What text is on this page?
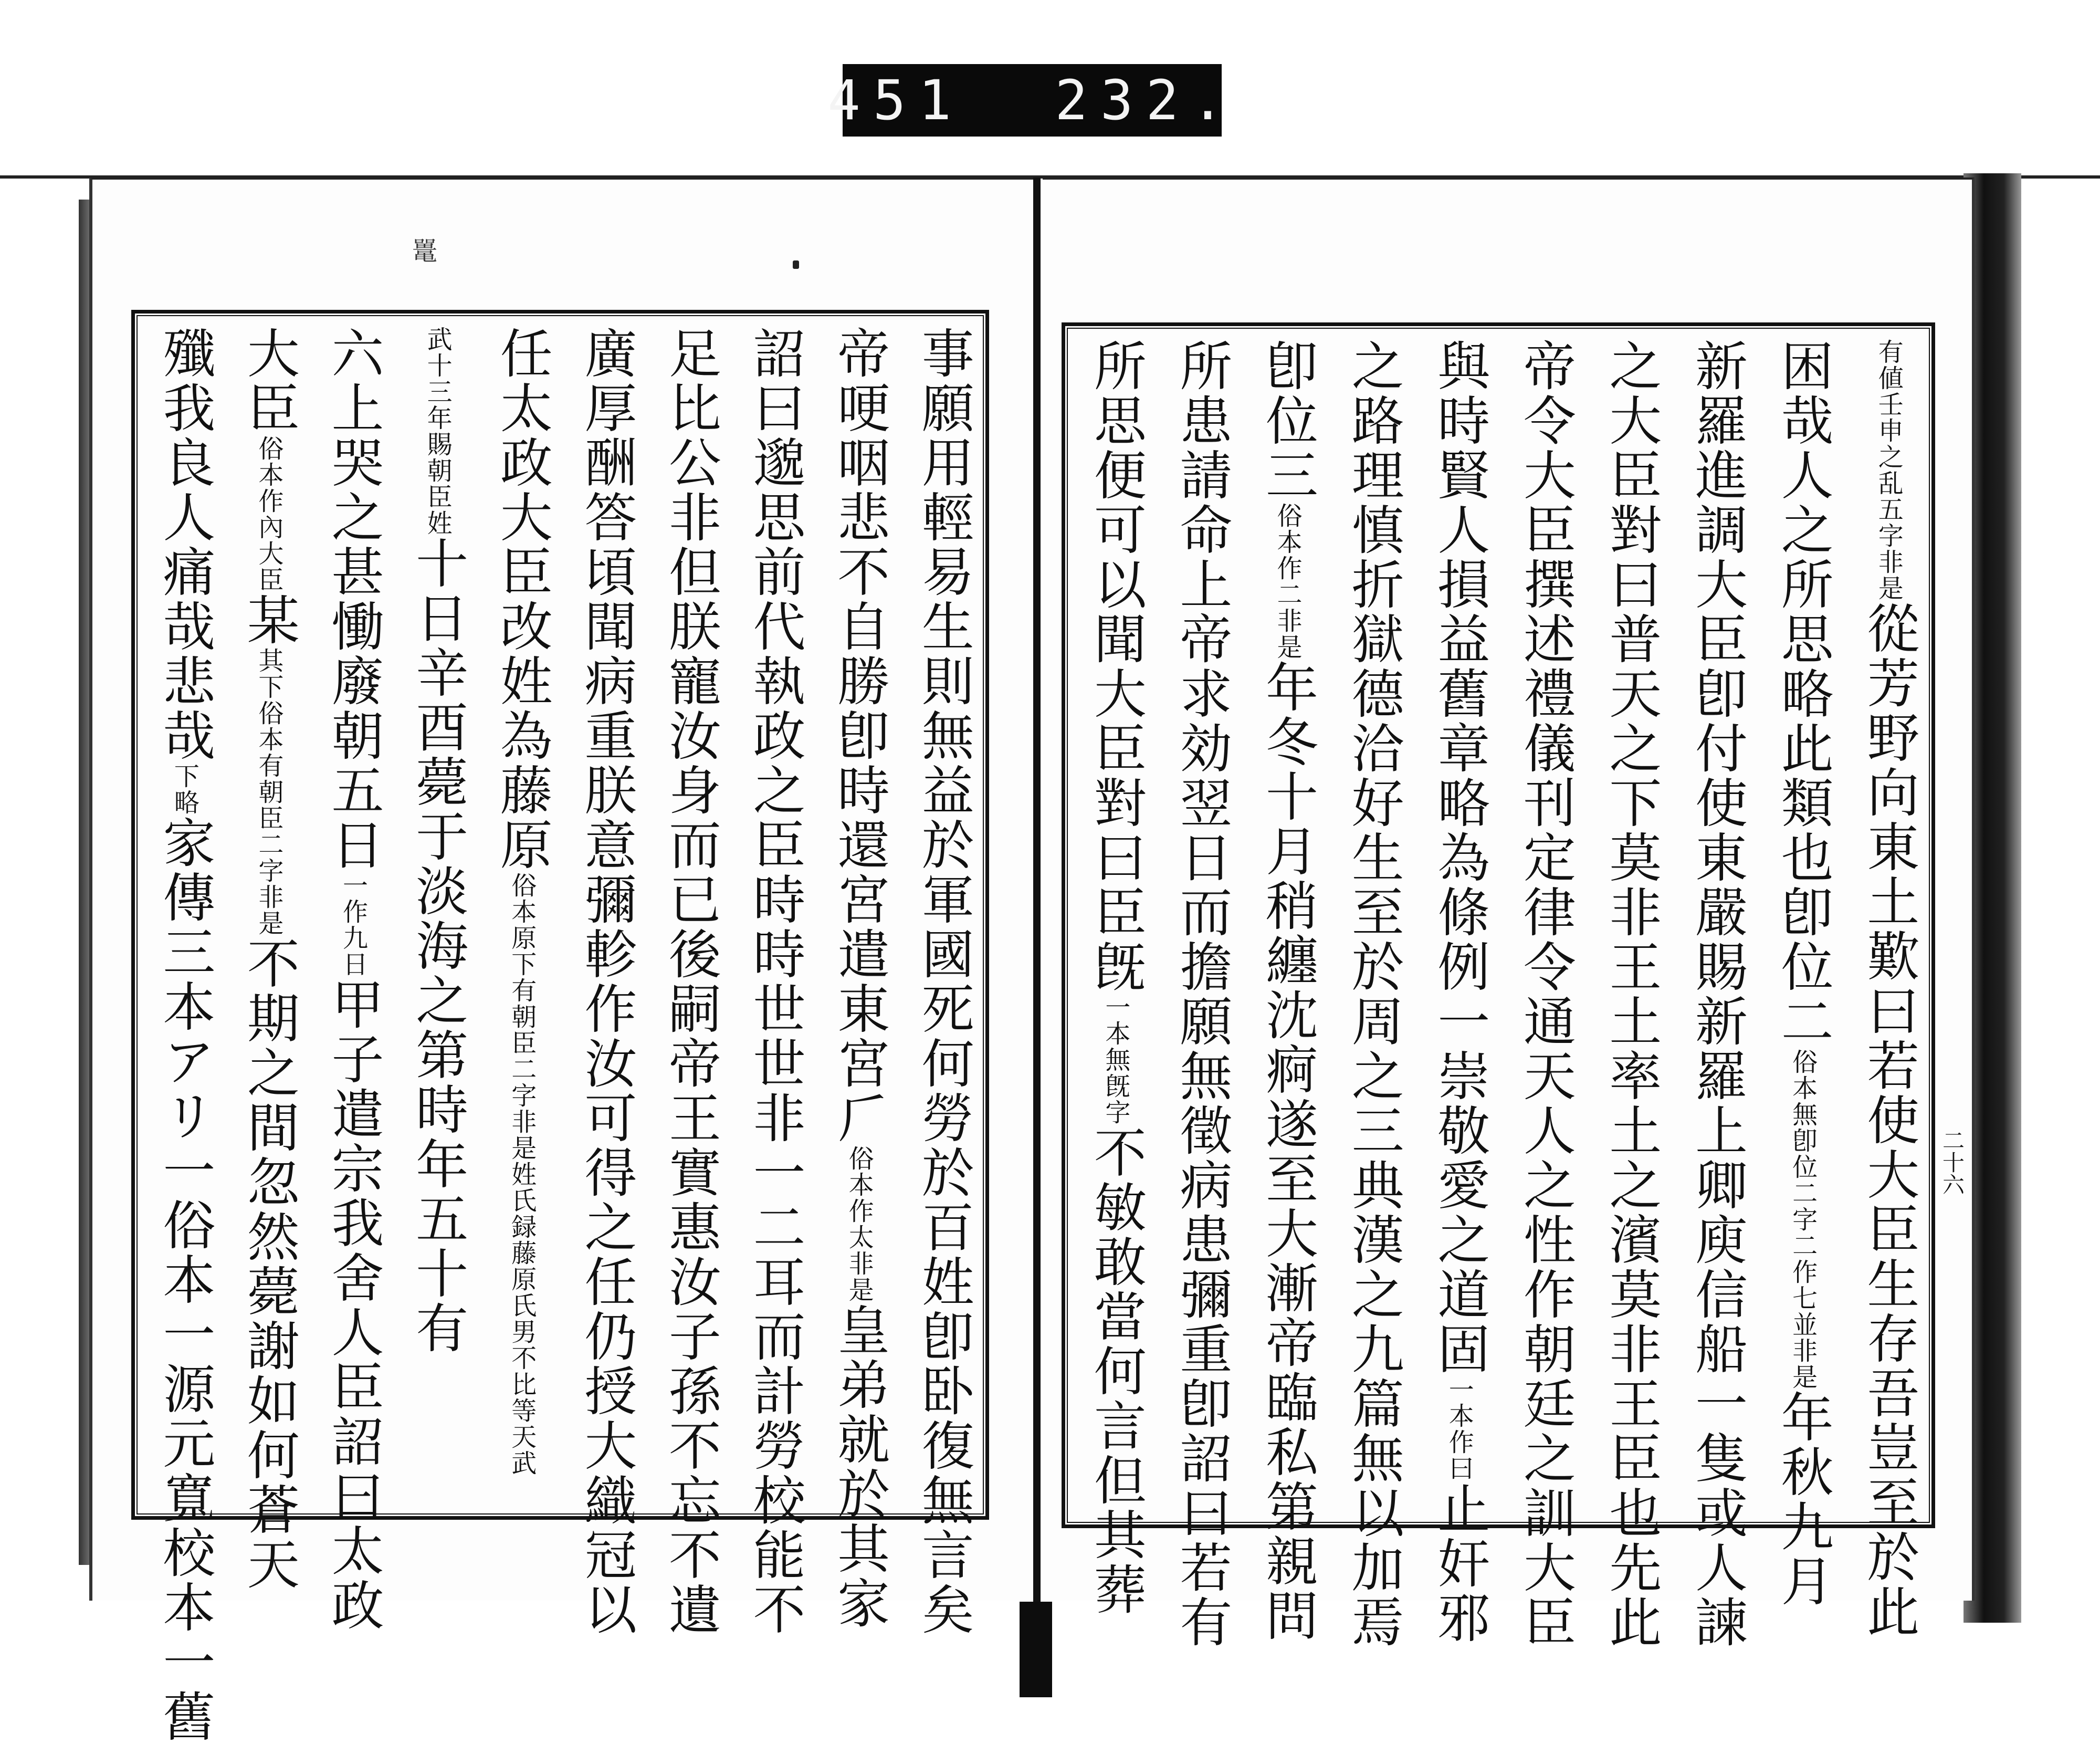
451  232.
鼍
事願用輕易生則無益於軍國死何勞於百姓卽卧復無言矣
帝哽咽悲不自勝卽時還宮遣東宮𠂆俗本作太非是皇弟就於其家
詔曰邈思前代執政之臣時時世世非一二耳而計勞校能不
足比公非但朕寵汝身而已後嗣帝王實惠汝子孫不忘不遺
廣厚酬答頃聞病重朕意彌軫作汝可得之任仍授大織冠以
任太政大臣改姓為藤原俗本原下有朝臣二字非是姓氏録藤原氏男不比等天武
武十三年賜朝臣姓十日辛酉薨于淡海之第時年五十有
六上哭之甚慟廢朝五日一作九日甲子遣宗我舍人臣詔曰太政
大臣俗本作內大臣某其下俗本有朝臣二字非是不期之間忽然薨謝如何蒼天
殲我良人痛哉悲哉下略家傳三本アリ一俗本一源元寬校本一舊
有値壬申之乱五字非是從芳野向東土歎曰若使大臣生存吾豈至於此
困哉人之所思略此類也卽位二俗本無卽位二字二作七並非是年秋九月
新羅進調大臣卽付使東嚴賜新羅上卿庾信船一隻或人諫
之大臣對曰普天之下莫非王土率土之濱莫非王臣也先此
帝令大臣撰述禮儀刊定律令通天人之性作朝廷之訓大臣
與時賢人損益舊章略為條例一崇敬愛之道固一本作曰止奸邪
之路理慎折獄德洽好生至於周之三典漢之九篇無以加焉
卽位三俗本作二非是年冬十月稍纏沈痾遂至大漸帝臨私第親問
所患請命上帝求効翌日而擔願無徵病患彌重卽詔曰若有
所思便可以聞大臣對曰臣旣一本無旣字不敏敢當何言但其葬	二十六
